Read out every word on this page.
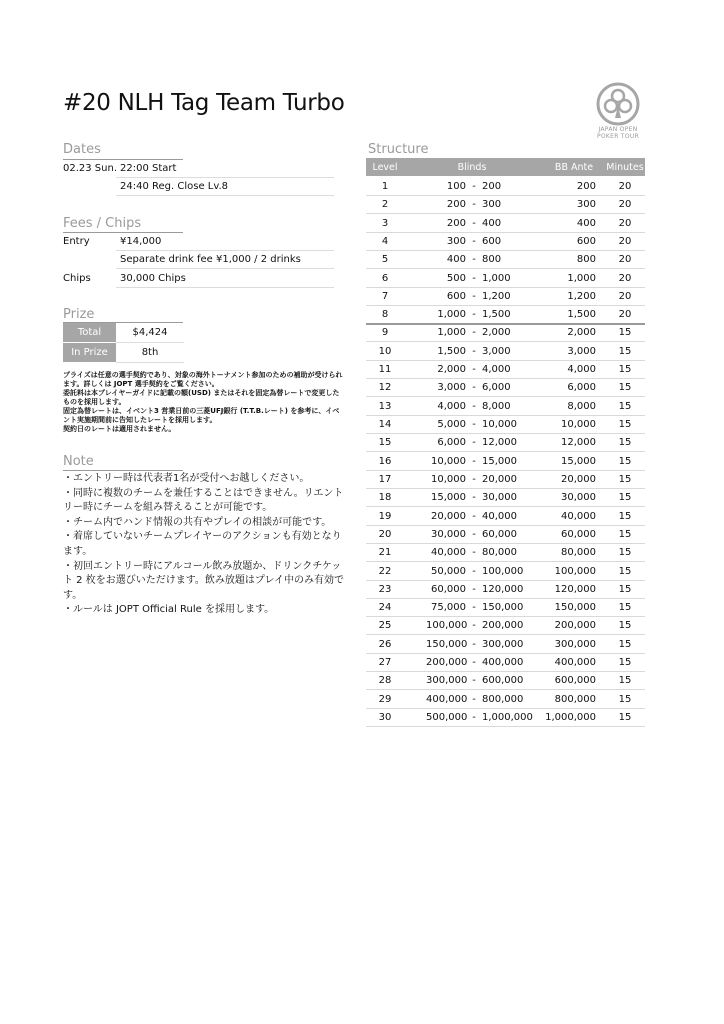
#20 NLH Tag Team Turbo
JAPAN OPEN
POKER TOUR
Dates
02.23 Sun. 22:00 Start
24:40 Reg. Close Lv.8
Fees / Chips
Entry	¥14,000
Separate drink fee ¥1,000 / 2 drinks
Chips	30,000 Chips
Prize
Total	$4,424
In Prize	8th

プライズは任意の選手契約であり、対象の海外トーナメント参加のための補助が受けられます。詳しくは JOPT 選手契約をご覧ください。

委託料は本プレイヤーガイドに記載の額(USD) またはそれを固定為替レートで変更したものを採用します。

固定為替レートは、イベント3 営業日前の三菱UFJ銀行 (T.T.B.レート) を参考に、イベント実施期間前に告知したレートを採用します。

契約日のレートは適用されません。

Note

・エントリー時は代表者1名が受付へお越しください。

・同時に複数のチームを兼任することはできません。リエントリー時にチームを組み替えることが可能です。

・チーム内でハンド情報の共有やプレイの相談が可能です。

・着席していないチームプレイヤーのアクションも有効となります。

・初回エントリー時にアルコール飲み放題か、ドリンクチケット 2 枚をお選びいただけます。飲み放題はプレイ中のみ有効です。

・ルールは JOPT Official Rule を採用します。

Structure
Level	Blinds	BB Ante	Minutes
1	100 - 200	200	20
2	200 - 300	300	20
3	200 - 400	400	20
4	300 - 600	600	20
5	400 - 800	800	20
6	500 - 1,000	1,000	20
7	600 - 1,200	1,200	20
8	1,000 - 1,500	1,500	20
9	1,000 - 2,000	2,000	15
10	1,500 - 3,000	3,000	15
11	2,000 - 4,000	4,000	15
12	3,000 - 6,000	6,000	15
13	4,000 - 8,000	8,000	15
14	5,000 - 10,000	10,000	15
15	6,000 - 12,000	12,000	15
16	10,000 - 15,000	15,000	15
17	10,000 - 20,000	20,000	15
18	15,000 - 30,000	30,000	15
19	20,000 - 40,000	40,000	15
20	30,000 - 60,000	60,000	15
21	40,000 - 80,000	80,000	15
22	50,000 - 100,000	100,000	15
23	60,000 - 120,000	120,000	15
24	75,000 - 150,000	150,000	15
25	100,000 - 200,000	200,000	15
26	150,000 - 300,000	300,000	15
27	200,000 - 400,000	400,000	15
28	300,000 - 600,000	600,000	15
29	400,000 - 800,000	800,000	15
30	500,000 - 1,000,000	1,000,000	15
